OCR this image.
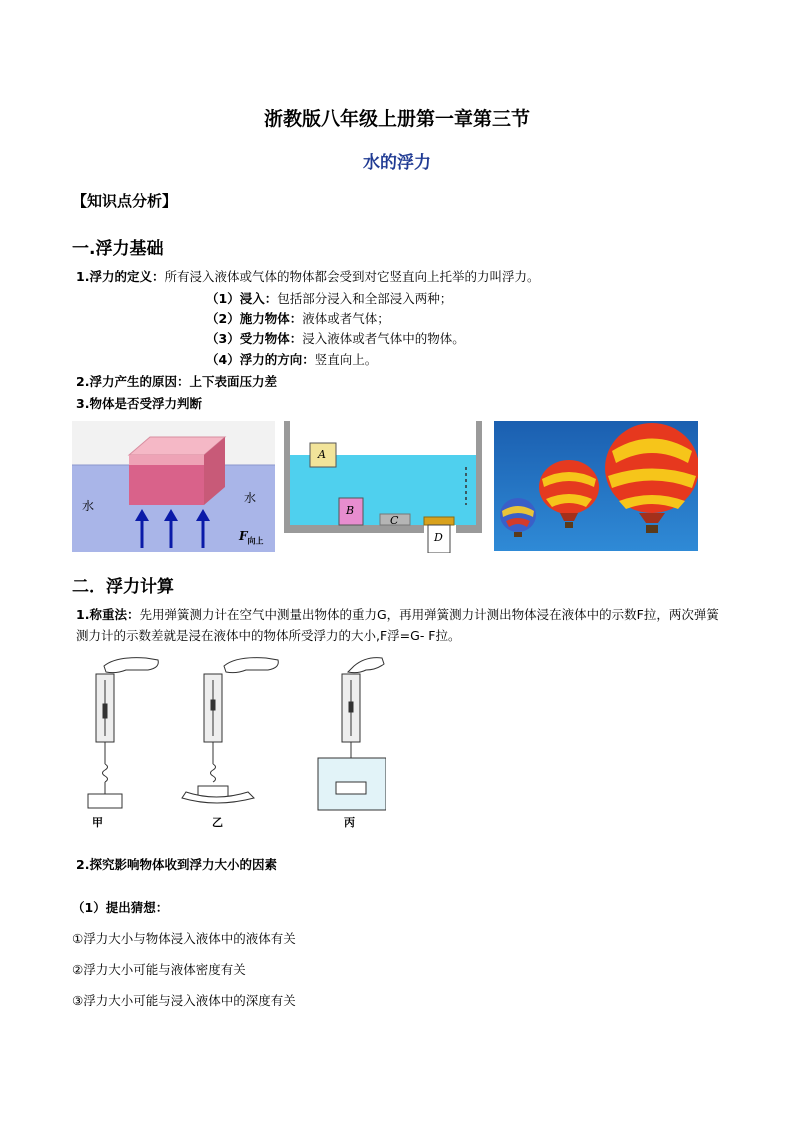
浙教版八年级上册第一章第三节
水的浮力
【知识点分析】
一.浮力基础
1.浮力的定义：所有浸入液体或气体的物体都会受到对它竖直向上托举的力叫浮力。
（1）浸入：包括部分浸入和全部浸入两种；
（2）施力物体：液体或者气体；
（3）受力物体：浸入液体或者气体中的物体。
（4）浮力的方向：竖直向上。
2.浮力产生的原因：上下表面压力差
3.物体是否受浮力判断
水
水
$F_{向上}$
A
B
C
D
二．浮力计算
1.称重法：先用弹簧测力计在空气中测量出物体的重力G，再用弹簧测力计测出物体浸在液体中的示数F拉，两次弹簧测力计的示数差就是浸在液体中的物体所受浮力的大小,F浮=G- F拉。
甲	乙	丙
2.探究影响物体收到浮力大小的因素
（1）提出猜想：
①浮力大小与物体浸入液体中的液体有关
②浮力大小可能与液体密度有关
③浮力大小可能与浸入液体中的深度有关
